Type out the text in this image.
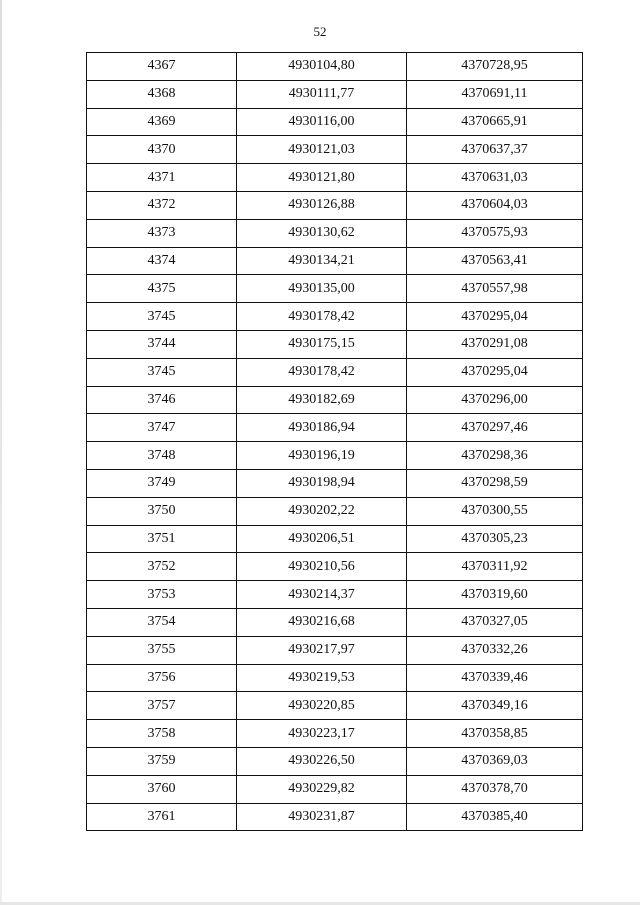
52
4367	4930104,80	4370728,95
4368	4930111,77	4370691,11
4369	4930116,00	4370665,91
4370	4930121,03	4370637,37
4371	4930121,80	4370631,03
4372	4930126,88	4370604,03
4373	4930130,62	4370575,93
4374	4930134,21	4370563,41
4375	4930135,00	4370557,98
3745	4930178,42	4370295,04
3744	4930175,15	4370291,08
3745	4930178,42	4370295,04
3746	4930182,69	4370296,00
3747	4930186,94	4370297,46
3748	4930196,19	4370298,36
3749	4930198,94	4370298,59
3750	4930202,22	4370300,55
3751	4930206,51	4370305,23
3752	4930210,56	4370311,92
3753	4930214,37	4370319,60
3754	4930216,68	4370327,05
3755	4930217,97	4370332,26
3756	4930219,53	4370339,46
3757	4930220,85	4370349,16
3758	4930223,17	4370358,85
3759	4930226,50	4370369,03
3760	4930229,82	4370378,70
3761	4930231,87	4370385,40
